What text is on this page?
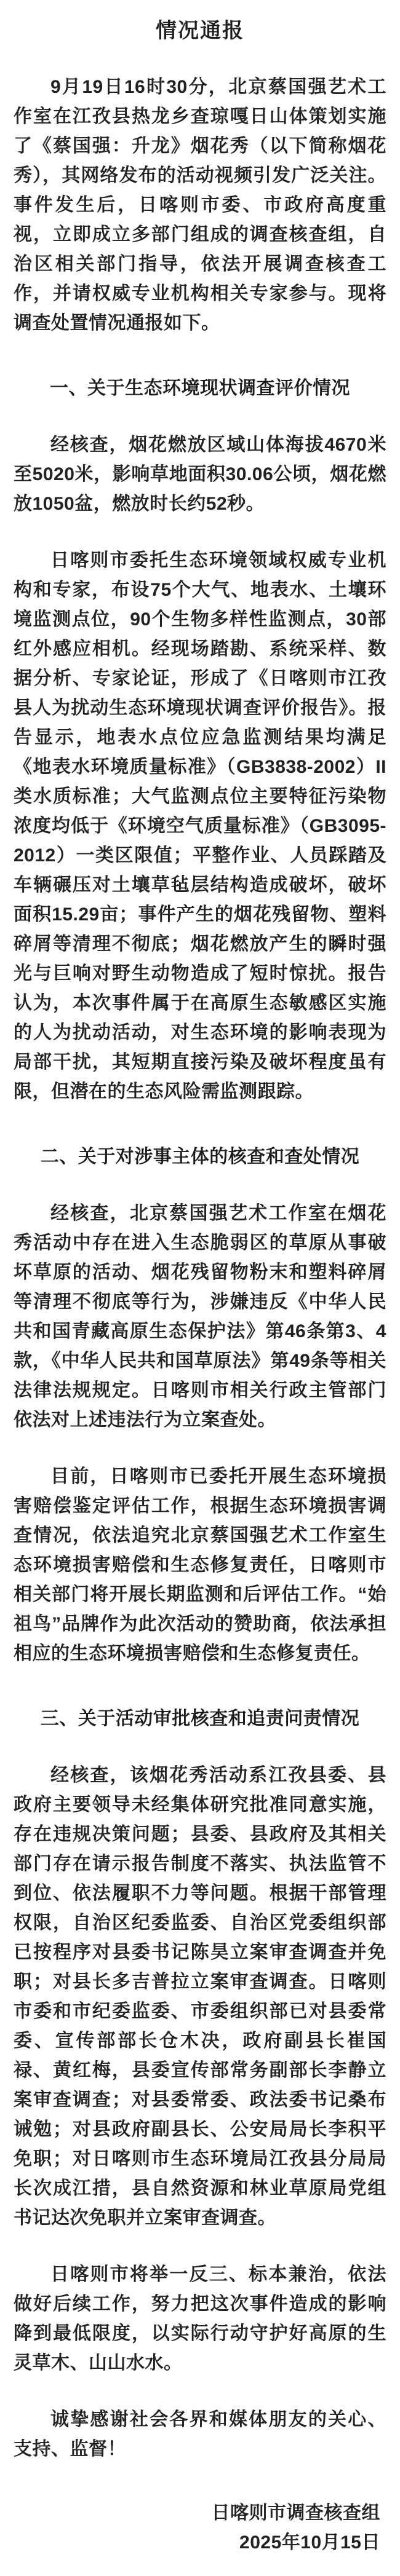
情况通报

9月19日16时30分，北京蔡国强艺术工作室在江孜县热龙乡查琼嘎日山体策划实施了《蔡国强：升龙》烟花秀（以下简称烟花秀），其网络发布的活动视频引发广泛关注。事件发生后，日喀则市委、市政府高度重视，立即成立多部门组成的调查核查组，自治区相关部门指导，依法开展调查核查工作，并请权威专业机构相关专家参与。现将调查处置情况通报如下。

一、关于生态环境现状调查评价情况

经核查，烟花燃放区域山体海拔4670米至5020米，影响草地面积30.06公顷，烟花燃放1050盆，燃放时长约52秒。

日喀则市委托生态环境领域权威专业机构和专家，布设75个大气、地表水、土壤环境监测点位，90个生物多样性监测点，30部红外感应相机。经现场踏勘、系统采样、数据分析、专家论证，形成了《日喀则市江孜县人为扰动生态环境现状调查评价报告》。报告显示，地表水点位应急监测结果均满足《地表水环境质量标准》（GB3838-2002）II类水质标准；大气监测点位主要特征污染物浓度均低于《环境空气质量标准》（GB3095-2012）一类区限值；平整作业、人员踩踏及车辆碾压对土壤草毡层结构造成破坏，破坏面积15.29亩；事件产生的烟花残留物、塑料碎屑等清理不彻底；烟花燃放产生的瞬时强光与巨响对野生动物造成了短时惊扰。报告认为，本次事件属于在高原生态敏感区实施的人为扰动活动，对生态环境的影响表现为局部干扰，其短期直接污染及破坏程度虽有限，但潜在的生态风险需监测跟踪。

二、关于对涉事主体的核查和查处情况

经核查，北京蔡国强艺术工作室在烟花秀活动中存在进入生态脆弱区的草原从事破坏草原的活动、烟花残留物粉末和塑料碎屑等清理不彻底等行为，涉嫌违反《中华人民共和国青藏高原生态保护法》第46条第3、4款，《中华人民共和国草原法》第49条等相关法律法规规定。日喀则市相关行政主管部门依法对上述违法行为立案查处。

目前，日喀则市已委托开展生态环境损害赔偿鉴定评估工作，根据生态环境损害调查情况，依法追究北京蔡国强艺术工作室生态环境损害赔偿和生态修复责任，日喀则市相关部门将开展长期监测和后评估工作。“始祖鸟”品牌作为此次活动的赞助商，依法承担相应的生态环境损害赔偿和生态修复责任。

三、关于活动审批核查和追责问责情况

经核查，该烟花秀活动系江孜县委、县政府主要领导未经集体研究批准同意实施，存在违规决策问题；县委、县政府及其相关部门存在请示报告制度不落实、执法监管不到位、依法履职不力等问题。根据干部管理权限，自治区纪委监委、自治区党委组织部已按程序对县委书记陈昊立案审查调查并免职；对县长多吉普拉立案审查调查。日喀则市委和市纪委监委、市委组织部已对县委常委、宣传部部长仓木决，政府副县长崔国禄、黄红梅，县委宣传部常务副部长李静立案审查调查；对县委常委、政法委书记桑布诫勉；对县政府副县长、公安局局长李积平免职；对日喀则市生态环境局江孜县分局局长次成江措，县自然资源和林业草原局党组书记达次免职并立案审查调查。

日喀则市将举一反三、标本兼治，依法做好后续工作，努力把这次事件造成的影响降到最低限度，以实际行动守护好高原的生灵草木、山山水水。

诚挚感谢社会各界和媒体朋友的关心、支持、监督！

日喀则市调查核查组

2025年10月15日
